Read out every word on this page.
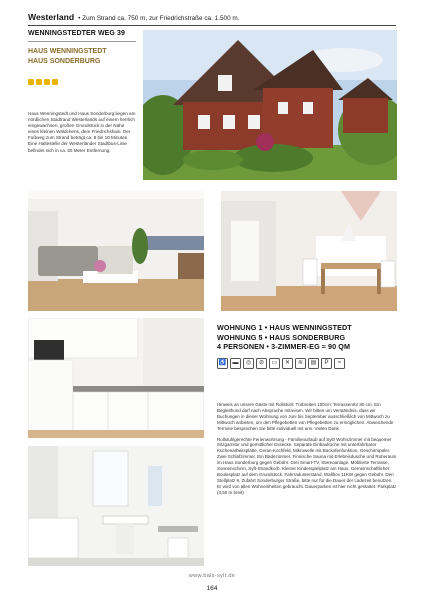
Westerland • Zum Strand ca. 750 m, zur Friedrichstraße ca. 1.500 m.
WENNINGSTEDTER WEG 39
HAUS WENNINGSTEDT
HAUS SONDERBURG
Haus Wenningstedt und Haus Sonderburg liegen am nördlichen Stadtrand Westerlands auf einem herrlich eingewachsen, großen Grundstück in der Nähe eines kleinen Wäldchens, dem Friedrichshain. Der Fußweg zum Strand beträgt ca. 8 bis 10 Minuten. Eine Haltestelle der Westerländer Stadtbus-Linie befindet sich in ca. 50 Meter Entfernung.
WOHNUNG 1 • HAUS WENNINGSTEDT
WOHNUNG 5 • HAUS SONDERBURG
4 PERSONEN • 3-ZIMMER-EG ≈ 90 QM
♿	▬	◎	⊘	▭	✕	≋	▤	P	≈

Hinweis an unsere Gäste mit Rollstuhl: Türbreiten 100cm; Terrassentür 80 cm. Ein Begleithund darf nach Absprache mitreisen. Wir bitten um Verständnis, dass wir Buchungen in dieser Wohnung von Juni bis September ausschließlich von Mittwoch zu Mittwoch anbieten, um den Pflegebetten von Pflegebetten zu ermöglichen. Abweichende Termine besprechen Sie bitte individuell mit uns. Vielen Dank.

Rollstuhlgerechte Ferienwohnung - Familienurlaub auf Sylt! Wohnzimmer mit bequemer Sitzgarnitur und gemütlicher Essecke. Separate Einbauküche mit unterfahrbarer Küchenarbeitsplatte, Ceran-Kochfeld, Mikrowelle mit Backofenfunktion, Geschirrspüler. Zwei Schlafzimmer. Ein Badezimmer. Finnische Sauna mit Erlebnisdusche und Ruheraum im Haus Sonderburg gegen Gebühr. Drei Smart-TV, Stereoanlage. Möblierte Terrasse, Sonnenschirm, Syft-Strandkorb. Kleiner Kinderspielplatz am Haus. Gemeinschaftlicher Boulesplatz auf dem Grundstück. Fahrradunterstand. Wallbox 11KW gegen Gebühr. Den Stellplatz 9, Zufahrt Sonderburger Straße, bitte nur für die Dauer der Ladezeit benutzen. Er wird von allen Wohneinheiten gebraucht. Dauerparken ist hier nicht gestattet. Parkplatz (3,50 m breit)

www.bals-sylt.de
164
